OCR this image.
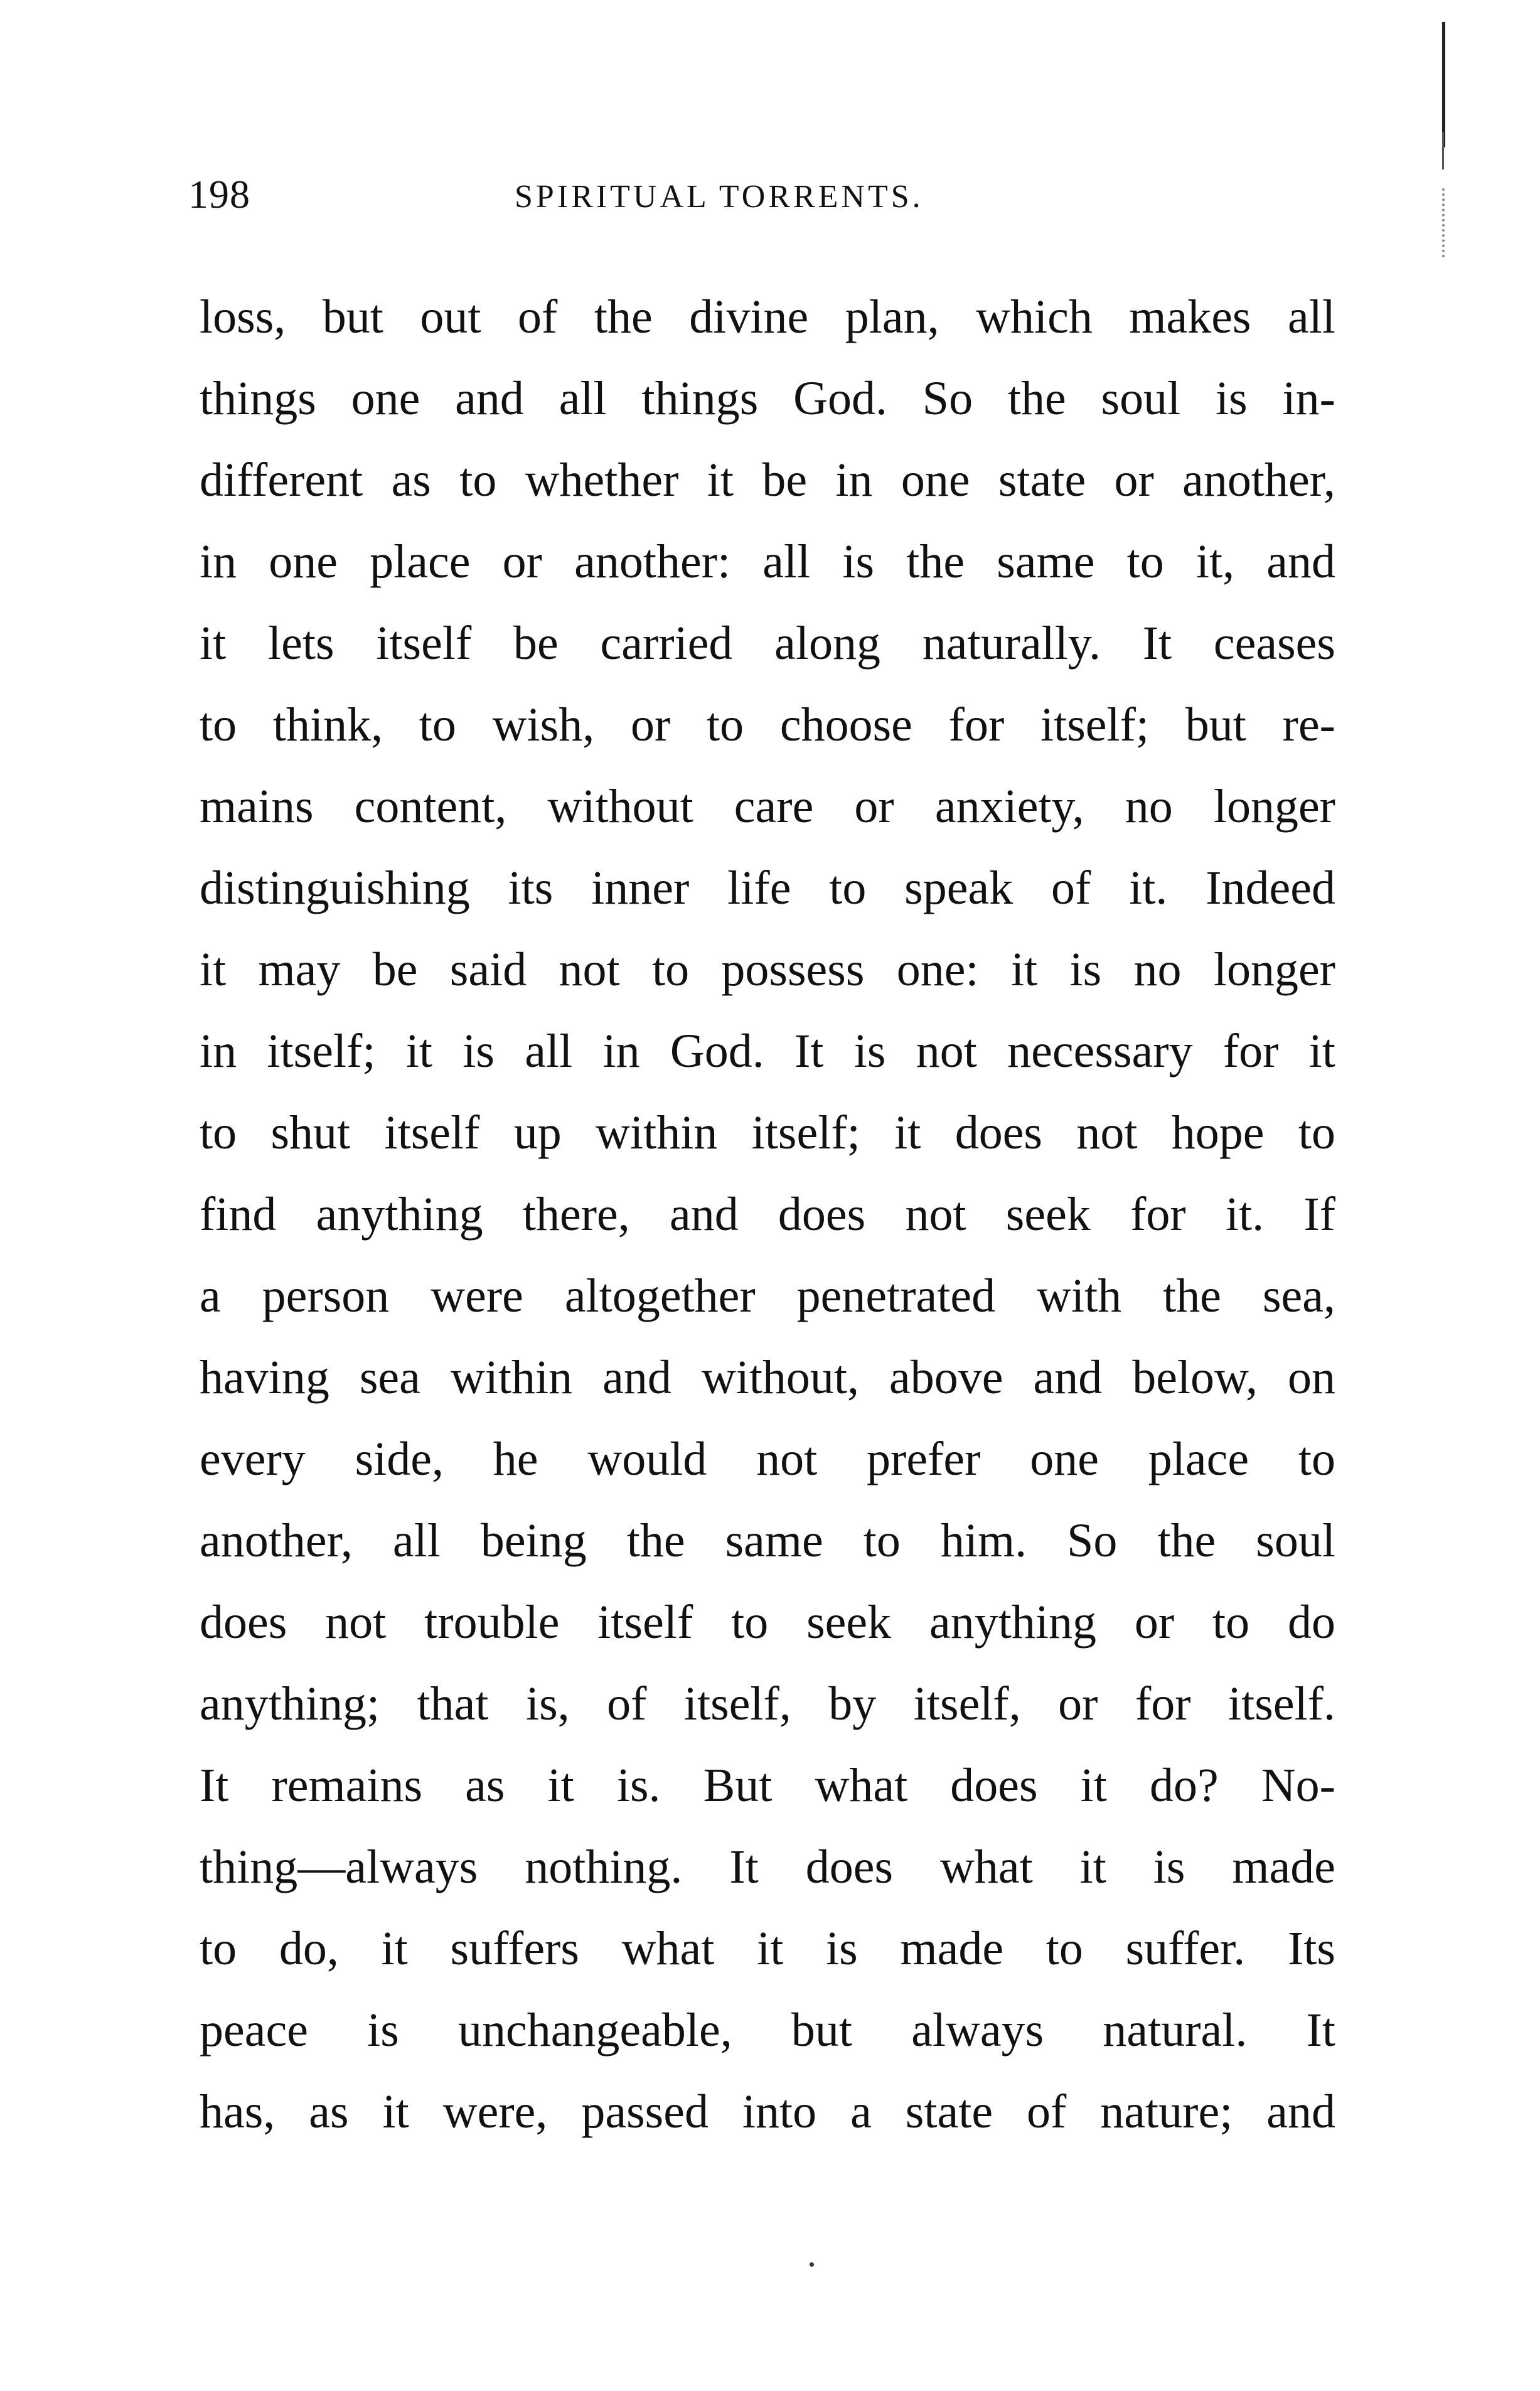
198	SPIRITUAL TORRENTS.
loss, but out of the divine plan, which makes all
things one and all things God. So the soul is in-
different as to whether it be in one state or another,
in one place or another: all is the same to it, and
it lets itself be carried along naturally. It ceases
to think, to wish, or to choose for itself; but re-
mains content, without care or anxiety, no longer
distinguishing its inner life to speak of it. Indeed
it may be said not to possess one: it is no longer
in itself; it is all in God. It is not necessary for it
to shut itself up within itself; it does not hope to
find anything there, and does not seek for it. If
a person were altogether penetrated with the sea,
having sea within and without, above and below, on
every side, he would not prefer one place to
another, all being the same to him. So the soul
does not trouble itself to seek anything or to do
anything; that is, of itself, by itself, or for itself.
It remains as it is. But what does it do? No-
thing—always nothing. It does what it is made
to do, it suffers what it is made to suffer. Its
peace is unchangeable, but always natural. It
has, as it were, passed into a state of nature; and
